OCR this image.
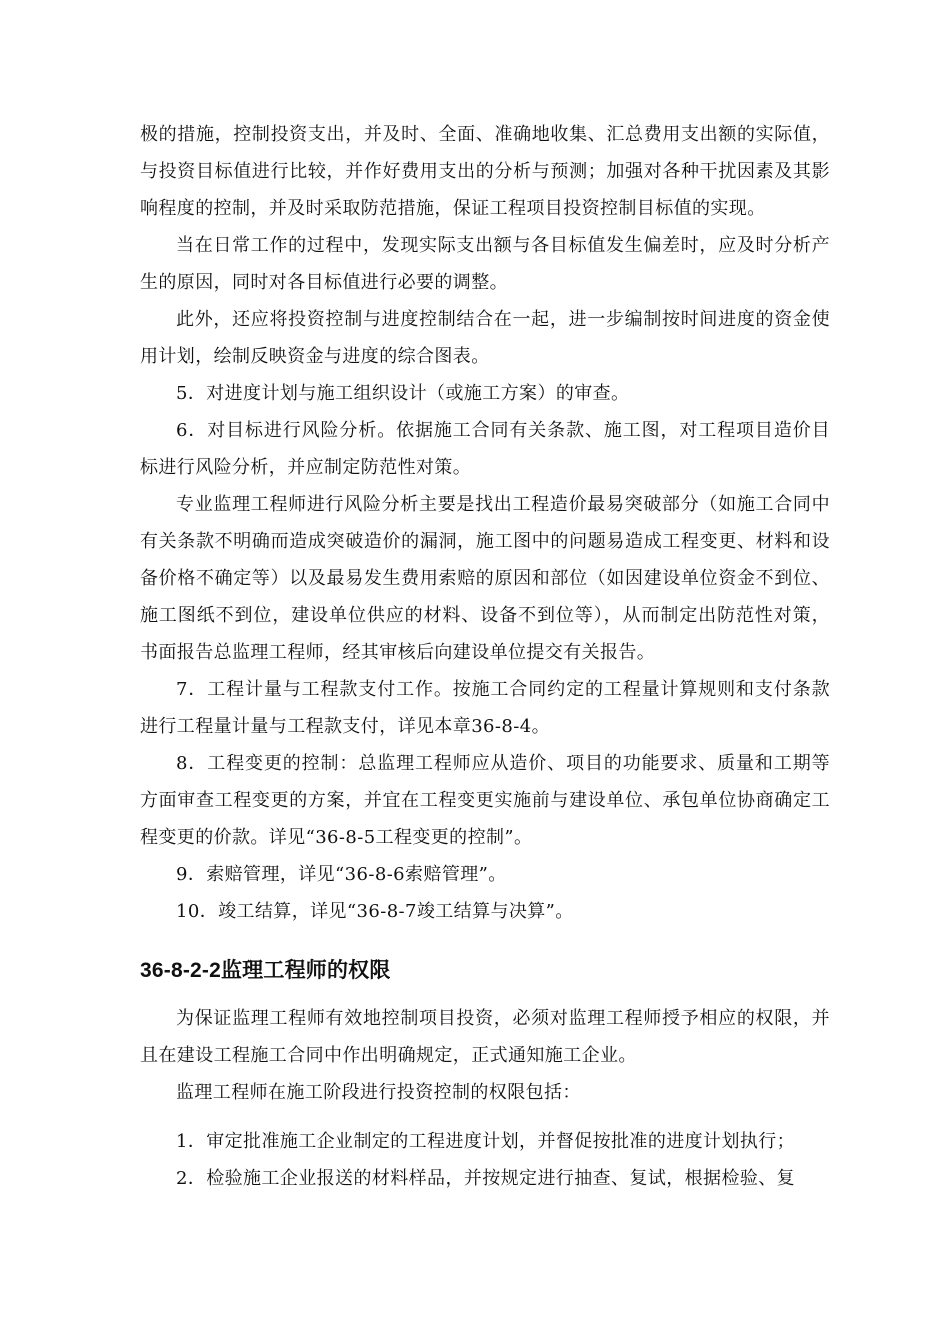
极的措施，控制投资支出，并及时、全面、准确地收集、汇总费用支出额的实际值，与投资目标值进行比较，并作好费用支出的分析与预测；加强对各种干扰因素及其影响程度的控制，并及时采取防范措施，保证工程项目投资控制目标值的实现。

当在日常工作的过程中，发现实际支出额与各目标值发生偏差时，应及时分析产生的原因，同时对各目标值进行必要的调整。

此外，还应将投资控制与进度控制结合在一起，进一步编制按时间进度的资金使用计划，绘制反映资金与进度的综合图表。

5．对进度计划与施工组织设计（或施工方案）的审查。

6．对目标进行风险分析。依据施工合同有关条款、施工图，对工程项目造价目标进行风险分析，并应制定防范性对策。

专业监理工程师进行风险分析主要是找出工程造价最易突破部分（如施工合同中有关条款不明确而造成突破造价的漏洞，施工图中的问题易造成工程变更、材料和设备价格不确定等）以及最易发生费用索赔的原因和部位（如因建设单位资金不到位、施工图纸不到位，建设单位供应的材料、设备不到位等），从而制定出防范性对策，书面报告总监理工程师，经其审核后向建设单位提交有关报告。

7．工程计量与工程款支付工作。按施工合同约定的工程量计算规则和支付条款进行工程量计量与工程款支付，详见本章36-8-4。

8．工程变更的控制：总监理工程师应从造价、项目的功能要求、质量和工期等方面审查工程变更的方案，并宜在工程变更实施前与建设单位、承包单位协商确定工程变更的价款。详见“36-8-5工程变更的控制”。

9．索赔管理，详见“36-8-6索赔管理”。

10．竣工结算，详见“36-8-7竣工结算与决算”。

36-8-2-2监理工程师的权限

为保证监理工程师有效地控制项目投资，必须对监理工程师授予相应的权限，并且在建设工程施工合同中作出明确规定，正式通知施工企业。

监理工程师在施工阶段进行投资控制的权限包括：

1．审定批准施工企业制定的工程进度计划，并督促按批准的进度计划执行；

2．检验施工企业报送的材料样品，并按规定进行抽查、复试，根据检验、复
